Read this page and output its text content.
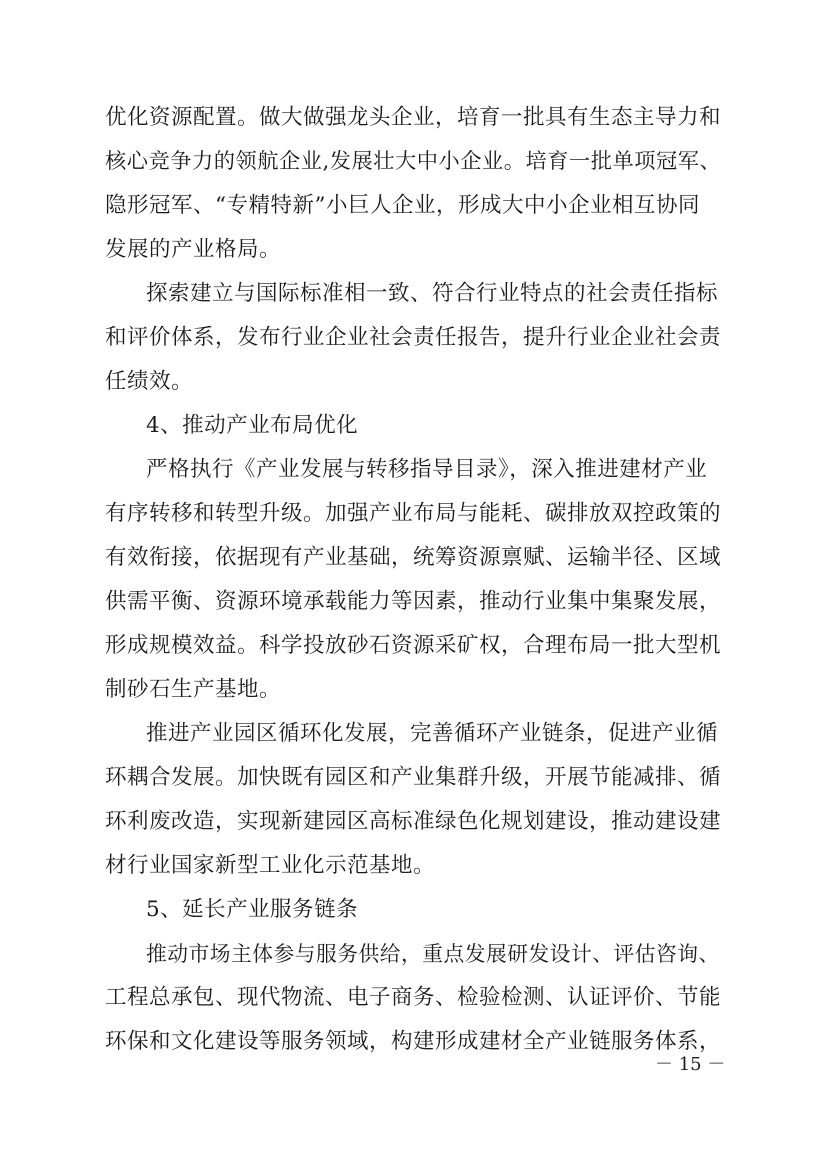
优化资源配置。做大做强龙头企业，培育一批具有生态主导力和
核心竞争力的领航企业,发展壮大中小企业。培育一批单项冠军、
隐形冠军、“专精特新”小巨人企业，形成大中小企业相互协同
发展的产业格局。
探索建立与国际标准相一致、符合行业特点的社会责任指标
和评价体系，发布行业企业社会责任报告，提升行业企业社会责
任绩效。
4、推动产业布局优化
严格执行《产业发展与转移指导目录》，深入推进建材产业
有序转移和转型升级。加强产业布局与能耗、碳排放双控政策的
有效衔接，依据现有产业基础，统筹资源禀赋、运输半径、区域
供需平衡、资源环境承载能力等因素，推动行业集中集聚发展，
形成规模效益。科学投放砂石资源采矿权，合理布局一批大型机
制砂石生产基地。
推进产业园区循环化发展，完善循环产业链条，促进产业循
环耦合发展。加快既有园区和产业集群升级，开展节能减排、循
环利废改造，实现新建园区高标准绿色化规划建设，推动建设建
材行业国家新型工业化示范基地。
5、延长产业服务链条
推动市场主体参与服务供给，重点发展研发设计、评估咨询、
工程总承包、现代物流、电子商务、检验检测、认证评价、节能
环保和文化建设等服务领域，构建形成建材全产业链服务体系，
－ 15 －
